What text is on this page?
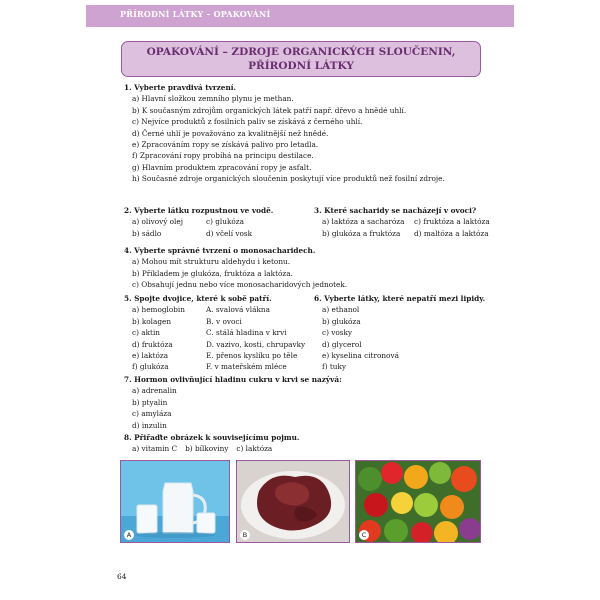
PŘÍRODNÍ LÁTKY – OPAKOVÁNÍ
OPAKOVÁNÍ – ZDROJE ORGANICKÝCH SLOUČENIN,
PŘÍRODNÍ LÁTKY
1. Vyberte pravdivá tvrzení.
a) Hlavní složkou zemního plynu je methan.
b) K současným zdrojům organických látek patří např. dřevo a hnědé uhlí.
c) Nejvíce produktů z fosilních paliv se získává z černého uhlí.
d) Černé uhlí je považováno za kvalitnější než hnědé.
e) Zpracováním ropy se získává palivo pro letadla.
f) Zpracování ropy probíhá na principu destilace.
g) Hlavním produktem zpracování ropy je asfalt.
h) Současné zdroje organických sloučenin poskytují více produktů než fosilní zdroje.
2. Vyberte látku rozpustnou ve vodě.
a) olivový olej
b) sádlo
c) glukóza
d) včelí vosk
3. Které sacharidy se nacházejí v ovoci?
a) laktóza a sacharóza
b) glukóza a fruktóza
c) fruktóza a laktóza
d) maltóza a laktóza
4. Vyberte správné tvrzení o monosacharidech.
a) Mohou mít strukturu aldehydu i ketonu.
b) Příkladem je glukóza, fruktóza a laktóza.
c) Obsahují jednu nebo více monosacharidových jednotek.
5. Spojte dvojice, které k sobě patří.
a) hemoglobin	A. svalová vlákna
b) kolagen	B. v ovoci
c) aktin	C. stálá hladina v krvi
d) fruktóza	D. vazivo, kosti, chrupavky
e) laktóza	E. přenos kyslíku po těle
f) glukóza	F. v mateřském mléce
6. Vyberte látky, které nepatří mezi lipidy.
a) ethanol
b) glukóza
c) vosky
d) glycerol
e) kyselina citronová
f) tuky
7. Hormon ovlivňující hladinu cukru v krvi se nazývá:
a) adrenalin
b) ptyalin
c) amyláza
d) inzulin
8. Přiřaďte obrázek k souvisejícímu pojmu.
a) vitamin C b) bílkoviny c) laktóza
A	B	C
64
